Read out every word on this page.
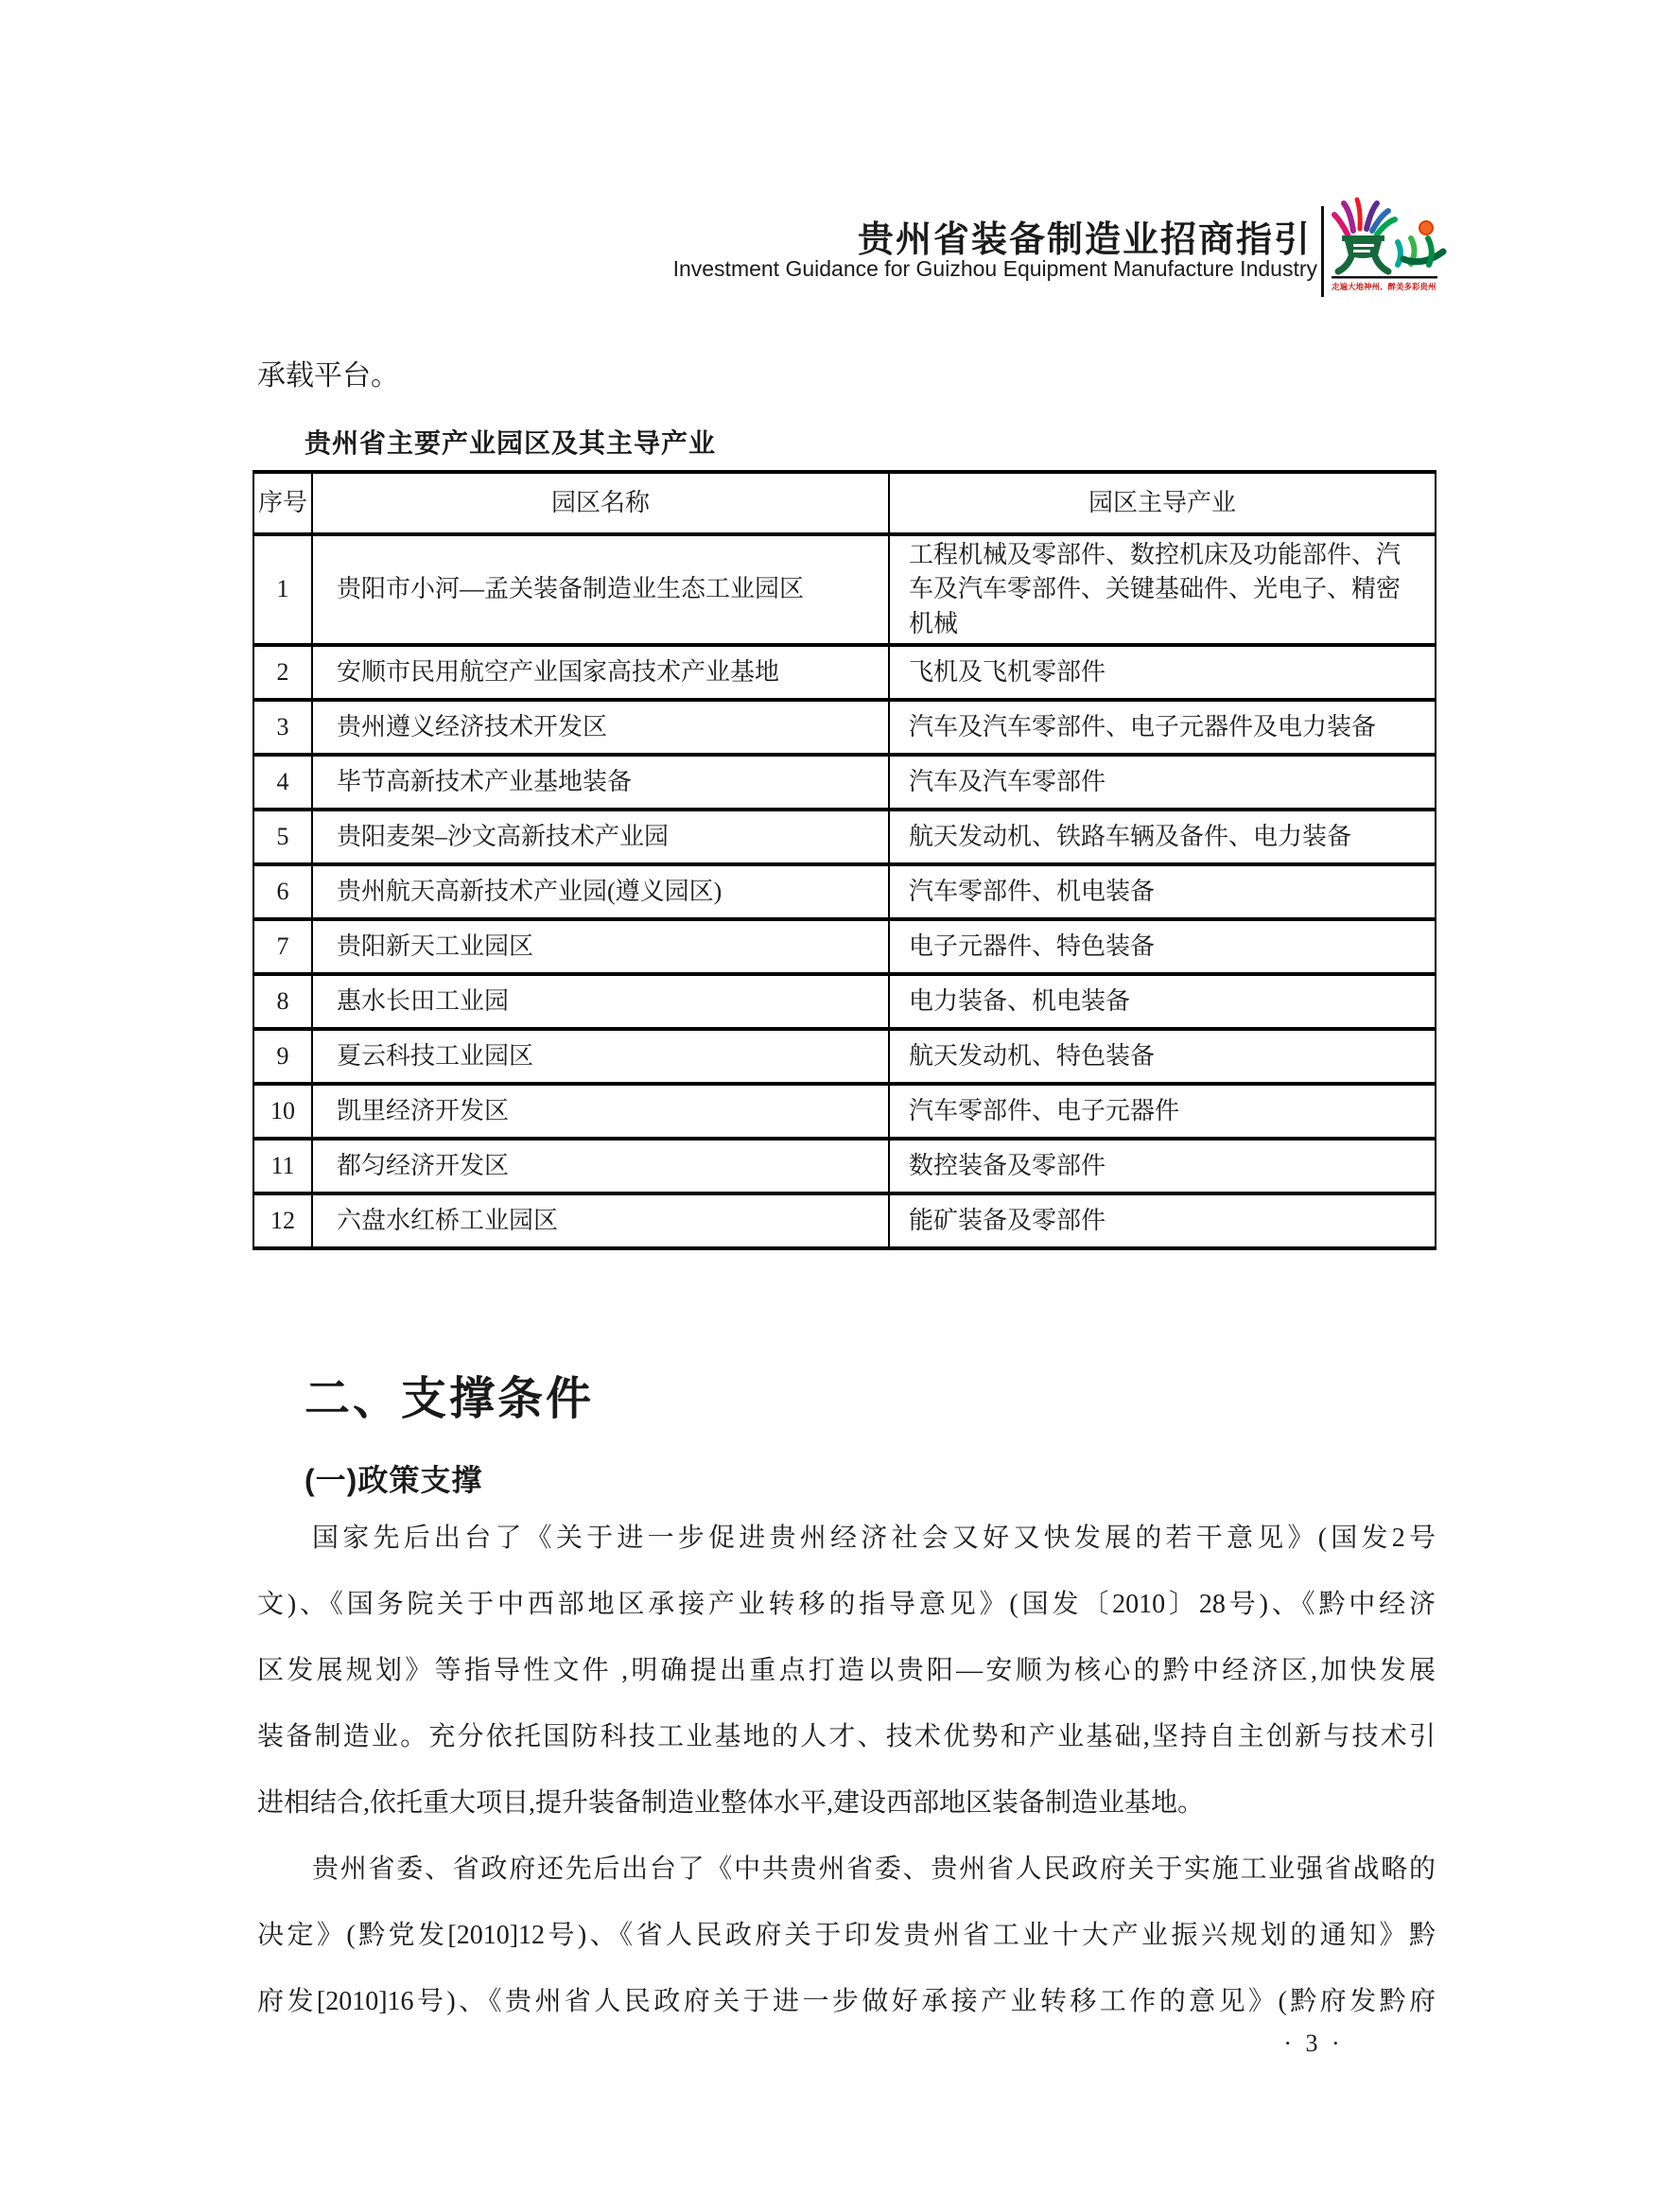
贵州省装备制造业招商指引
Investment Guidance for Guizhou Equipment Manufacture Industry
走遍大地神州、醉美多彩贵州
承载平台。
贵州省主要产业园区及其主导产业
序号	园区名称	园区主导产业
1	贵阳市小河—孟关装备制造业生态工业园区	工程机械及零部件、数控机床及功能部件、汽车及汽车零部件、关键基础件、光电子、精密机械
2	安顺市民用航空产业国家高技术产业基地	飞机及飞机零部件
3	贵州遵义经济技术开发区	汽车及汽车零部件、电子元器件及电力装备
4	毕节高新技术产业基地装备	汽车及汽车零部件
5	贵阳麦架–沙文高新技术产业园	航天发动机、铁路车辆及备件、电力装备
6	贵州航天高新技术产业园(遵义园区)	汽车零部件、机电装备
7	贵阳新天工业园区	电子元器件、特色装备
8	惠水长田工业园	电力装备、机电装备
9	夏云科技工业园区	航天发动机、特色装备
10	凯里经济开发区	汽车零部件、电子元器件
11	都匀经济开发区	数控装备及零部件
12	六盘水红桥工业园区	能矿装备及零部件
二、支撑条件
(一)政策支撑
国家先后出台了《关于进一步促进贵州经济社会又好又快发展的若干意见》(国发2号
文)、《国务院关于中西部地区承接产业转移的指导意见》(国发〔2010〕28号)、《黔中经济
区发展规划》等指导性文件 ,明确提出重点打造以贵阳—安顺为核心的黔中经济区,加快发展
装备制造业。充分依托国防科技工业基地的人才、技术优势和产业基础,坚持自主创新与技术引
进相结合,依托重大项目,提升装备制造业整体水平,建设西部地区装备制造业基地。
贵州省委、省政府还先后出台了《中共贵州省委、贵州省人民政府关于实施工业强省战略的
决定》(黔党发[2010]12号)、《省人民政府关于印发贵州省工业十大产业振兴规划的通知》黔
府发[2010]16号)、《贵州省人民政府关于进一步做好承接产业转移工作的意见》(黔府发黔府
· 3 ·
